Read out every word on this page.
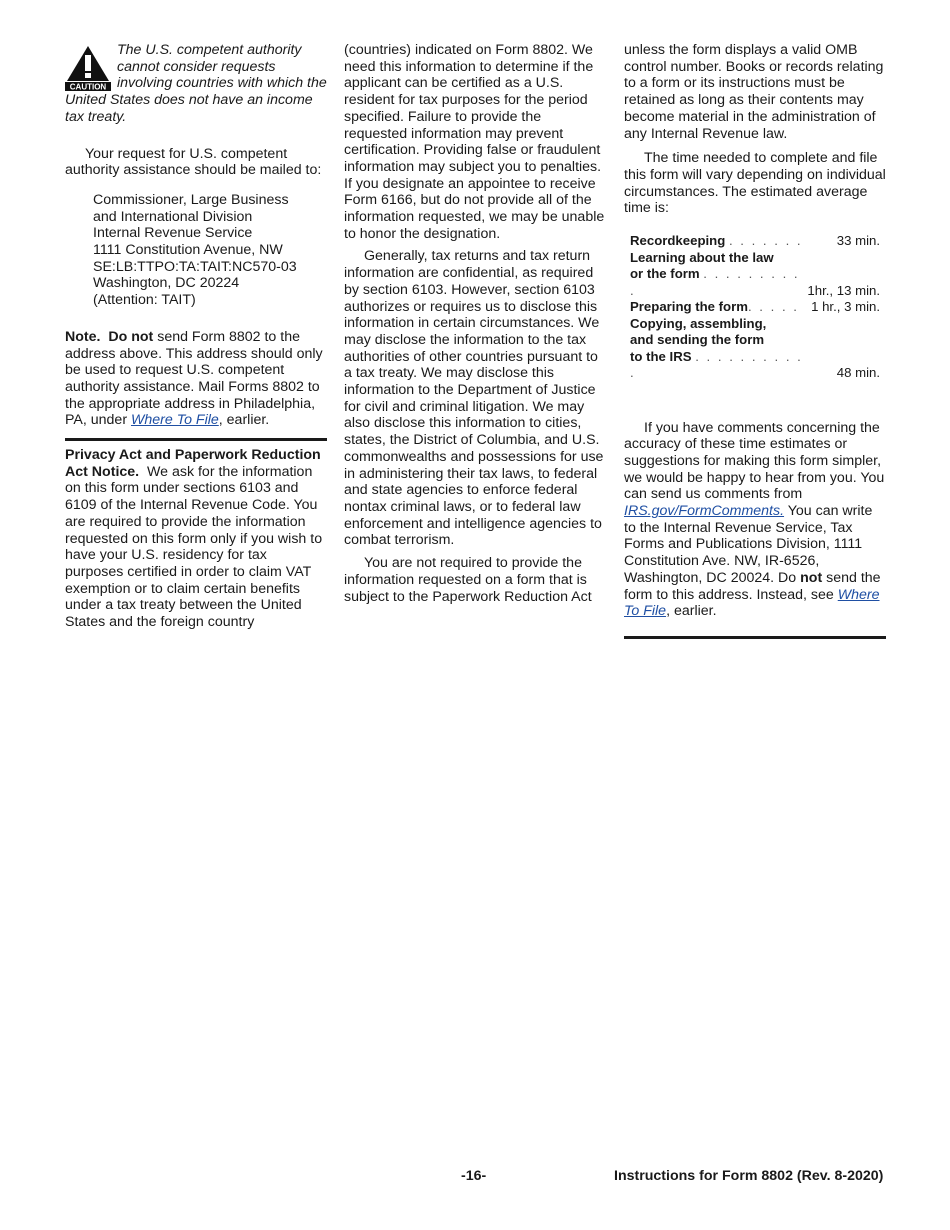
CAUTION

The U.S. competent authority cannot consider requests involving countries with which the United States does not have an income tax treaty.

Your request for U.S. competent authority assistance should be mailed to:

Commissioner, Large Business
and International Division
Internal Revenue Service
1111 Constitution Avenue, NW
SE:LB:TTPO:TA:TAIT:NC570-03
Washington, DC 20224
(Attention: TAIT)

Note. Do not send Form 8802 to the address above. This address should only be used to request U.S. competent authority assistance. Mail Forms 8802 to the appropriate address in Philadelphia, PA, under Where To File, earlier.

Privacy Act and Paperwork Reduction Act Notice. We ask for the information on this form under sections 6103 and 6109 of the Internal Revenue Code. You are required to provide the information requested on this form only if you wish to have your U.S. residency for tax purposes certified in order to claim VAT exemption or to claim certain benefits under a tax treaty between the United States and the foreign country

(countries) indicated on Form 8802. We need this information to determine if the applicant can be certified as a U.S. resident for tax purposes for the period specified. Failure to provide the requested information may prevent certification. Providing false or fraudulent information may subject you to penalties. If you designate an appointee to receive Form 6166, but do not provide all of the information requested, we may be unable to honor the designation.

Generally, tax returns and tax return information are confidential, as required by section 6103. However, section 6103 authorizes or requires us to disclose this information in certain circumstances. We may disclose the information to the tax authorities of other countries pursuant to a tax treaty. We may disclose this information to the Department of Justice for civil and criminal litigation. We may also disclose this information to cities, states, the District of Columbia, and U.S. commonwealths and possessions for use in administering their tax laws, to federal and state agencies to enforce federal nontax criminal laws, or to federal law enforcement and intelligence agencies to combat terrorism.

You are not required to provide the information requested on a form that is subject to the Paperwork Reduction Act

unless the form displays a valid OMB control number. Books or records relating to a form or its instructions must be retained as long as their contents may become material in the administration of any Internal Revenue law.

The time needed to complete and file this form will vary depending on individual circumstances. The estimated average time is:

Recordkeeping . . . . . . .	33 min.
Learning about the law	
or the form . . . . . . . . . .	1hr., 13 min.
Preparing the form. . . . .	1 hr., 3 min.
Copying, assembling,	
and sending the form	
to the IRS . . . . . . . . . . .	48 min.

If you have comments concerning the accuracy of these time estimates or suggestions for making this form simpler, we would be happy to hear from you. You can send us comments from IRS.gov/FormComments. You can write to the Internal Revenue Service, Tax Forms and Publications Division, 1111 Constitution Ave. NW, IR-6526, Washington, DC 20024. Do not send the form to this address. Instead, see Where To File, earlier.

-16-	Instructions for Form 8802 (Rev. 8-2020)
